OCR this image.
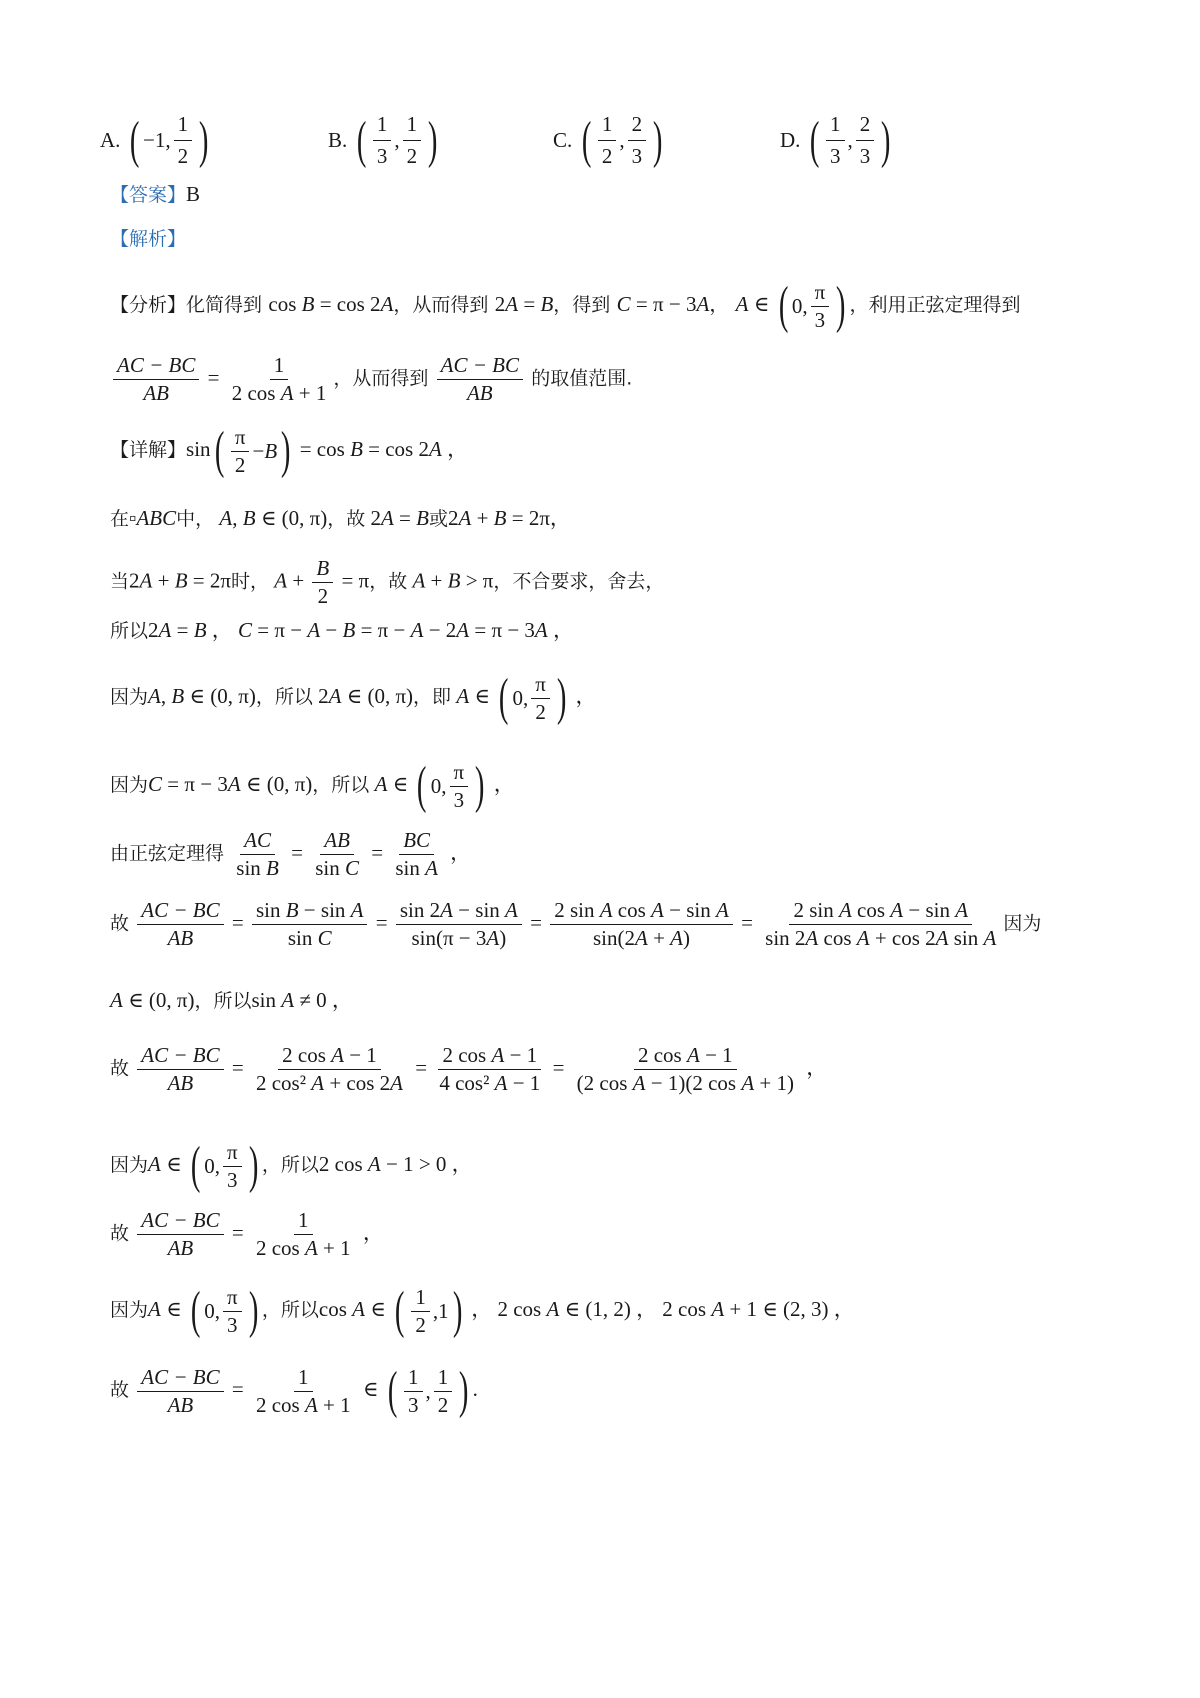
A.
( −1, $\frac{1}{2}$ )	B.
( $\frac{1}{3}$ , $\frac{1}{2}$ )	C.
( $\frac{1}{2}$ , $\frac{2}{3}$ )	D.
( $\frac{1}{3}$ , $\frac{2}{3}$ )
【答案】B
【解析】
【分析】化简得到 cos B = cos 2A，从而得到 2A = B，得到 C = π − 3A， A ∈ ( 0, $\frac{\pi}{3}$ ) ，利用正弦定理得到
$\frac{AC - BC}{AB} = \frac{1}{\text{2 cos A + 1}}$ ，从而得到 $\frac{AC - BC}{AB}$ 的取值范围.
【详解】sin ( $\frac{\pi}{2} - B$ ) = cos B = cos 2A ，
在▫ABC中， A, B ∈ (0, π)，故 2A = B或2A + B = 2π，
当2A + B = 2π时， $A + \frac{B}{2} = \pi$，故 A + B > π，不合要求，舍去，
所以2A = B ， C = π − A − B = π − A − 2A = π − 3A ，
因为A, B ∈ (0, π)，所以 2A ∈ (0, π)，即 A ∈ ( 0, $\frac{\pi}{2}$ ) ，
因为C = π − 3A ∈ (0, π)，所以 A ∈ ( 0, $\frac{\pi}{3}$ ) ，
由正弦定理得 $\frac{AC}{\text{sin B}} = \frac{AB}{\text{sin C}} = \frac{BC}{\text{sin A}}$ ，
故 $\frac{AC - BC}{AB} = \frac{\text{sin B − sin A}}{\text{sin C}} = \frac{\text{sin 2A − sin A}}{\sin(\pi - 3A)} = \frac{\text{2 sin A cos A − sin A}}{\sin(2A + A)} = \frac{\text{2 sin A cos A − sin A}}{\text{sin 2A cos A + cos 2A sin A}}$ 因为
A ∈ (0, π)，所以sin A ≠ 0 ，
故 $\frac{AC - BC}{AB} = \frac{\text{2 cos A − 1}}{\text{2 cos² A + cos 2A}} = \frac{\text{2 cos A − 1}}{\text{4 cos² A − 1}} = \frac{\text{2 cos A − 1}}{\text{(2 cos A − 1)(2 cos A + 1)}}$ ，
因为A ∈ ( 0, $\frac{\pi}{3}$ ) ，所以2 cos A − 1 > 0 ，
故 $\frac{AC - BC}{AB} = \frac{1}{\text{2 cos A + 1}}$ ，
因为A ∈ ( 0, $\frac{\pi}{3}$ ) ，所以cos A ∈ ( $\frac{1}{2} ,1$ ) ， 2 cos A ∈ (1, 2) ， 2 cos A + 1 ∈ (2, 3) ，
故 $\frac{AC - BC}{AB} = \frac{1}{\text{2 cos A + 1}}$ ∈ ( $\frac{1}{3}$ , $\frac{1}{2}$ ) .
